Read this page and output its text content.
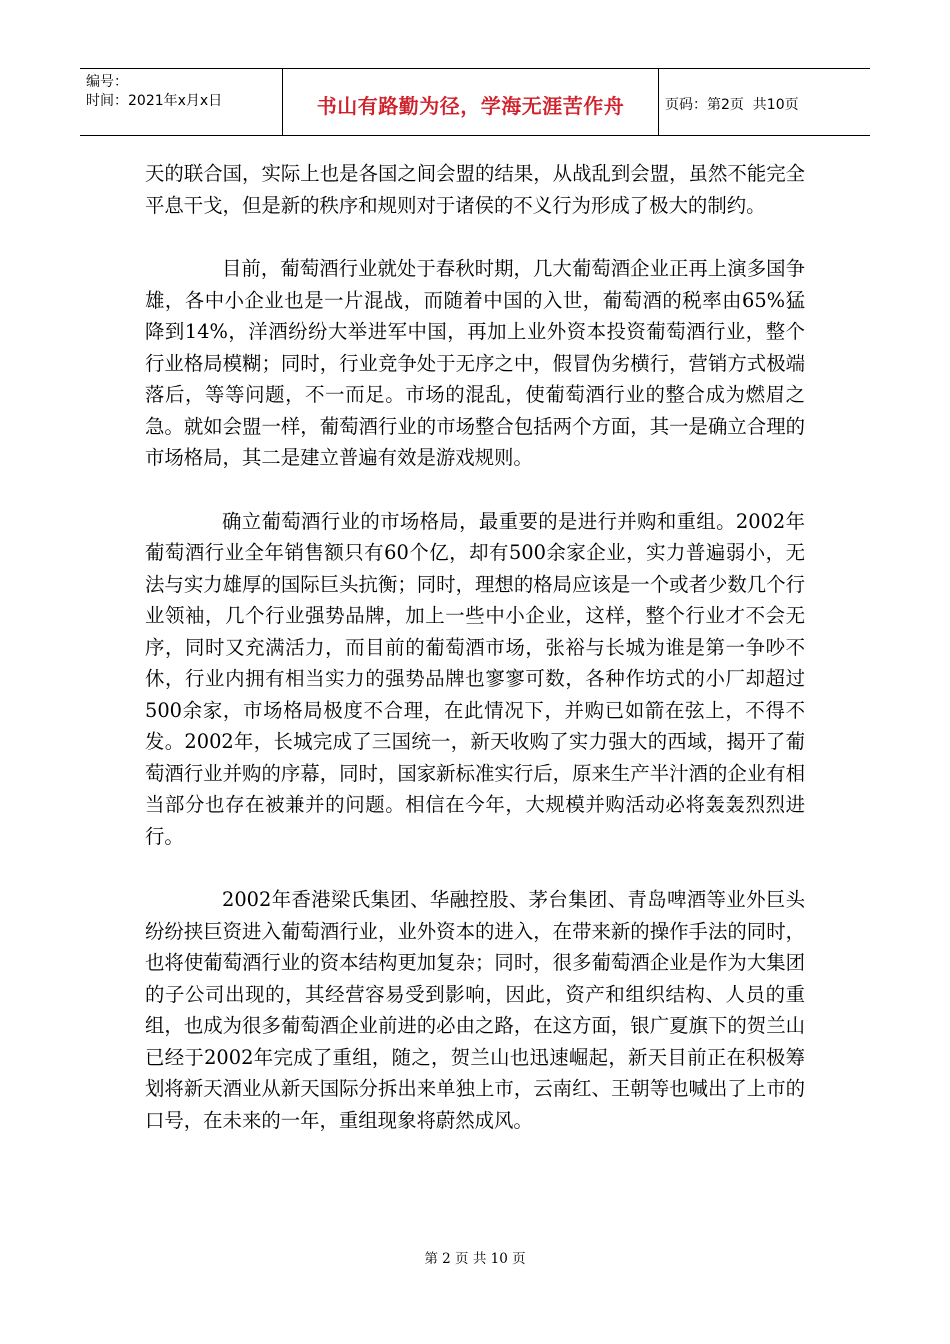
编号：
时间：2021年x月x日	书山有路勤为径，学海无涯苦作舟	页码：第2页  共10页

天的联合国，实际上也是各国之间会盟的结果，从战乱到会盟，虽然不能完全平息干戈，但是新的秩序和规则对于诸侯的不义行为形成了极大的制约。

目前，葡萄酒行业就处于春秋时期，几大葡萄酒企业正再上演多国争雄，各中小企业也是一片混战，而随着中国的入世，葡萄酒的税率由65%猛降到14%，洋酒纷纷大举进军中国，再加上业外资本投资葡萄酒行业，整个行业格局模糊；同时，行业竞争处于无序之中，假冒伪劣横行，营销方式极端落后，等等问题，不一而足。市场的混乱，使葡萄酒行业的整合成为燃眉之急。就如会盟一样，葡萄酒行业的市场整合包括两个方面，其一是确立合理的市场格局，其二是建立普遍有效是游戏规则。

确立葡萄酒行业的市场格局，最重要的是进行并购和重组。2002年葡萄酒行业全年销售额只有60个亿，却有500余家企业，实力普遍弱小，无法与实力雄厚的国际巨头抗衡；同时，理想的格局应该是一个或者少数几个行业领袖，几个行业强势品牌，加上一些中小企业，这样，整个行业才不会无序，同时又充满活力，而目前的葡萄酒市场，张裕与长城为谁是第一争吵不休，行业内拥有相当实力的强势品牌也寥寥可数，各种作坊式的小厂却超过500余家，市场格局极度不合理，在此情况下，并购已如箭在弦上，不得不发。2002年，长城完成了三国统一，新天收购了实力强大的西域，揭开了葡萄酒行业并购的序幕，同时，国家新标准实行后，原来生产半汁酒的企业有相当部分也存在被兼并的问题。相信在今年，大规模并购活动必将轰轰烈烈进行。

2002年香港梁氏集团、华融控股、茅台集团、青岛啤酒等业外巨头纷纷挟巨资进入葡萄酒行业，业外资本的进入，在带来新的操作手法的同时，也将使葡萄酒行业的资本结构更加复杂；同时，很多葡萄酒企业是作为大集团的子公司出现的，其经营容易受到影响，因此，资产和组织结构、人员的重组，也成为很多葡萄酒企业前进的必由之路，在这方面，银广夏旗下的贺兰山已经于2002年完成了重组，随之，贺兰山也迅速崛起，新天目前正在积极筹划将新天酒业从新天国际分拆出来单独上市，云南红、王朝等也喊出了上市的口号，在未来的一年，重组现象将蔚然成风。

第 2 页 共 10 页
